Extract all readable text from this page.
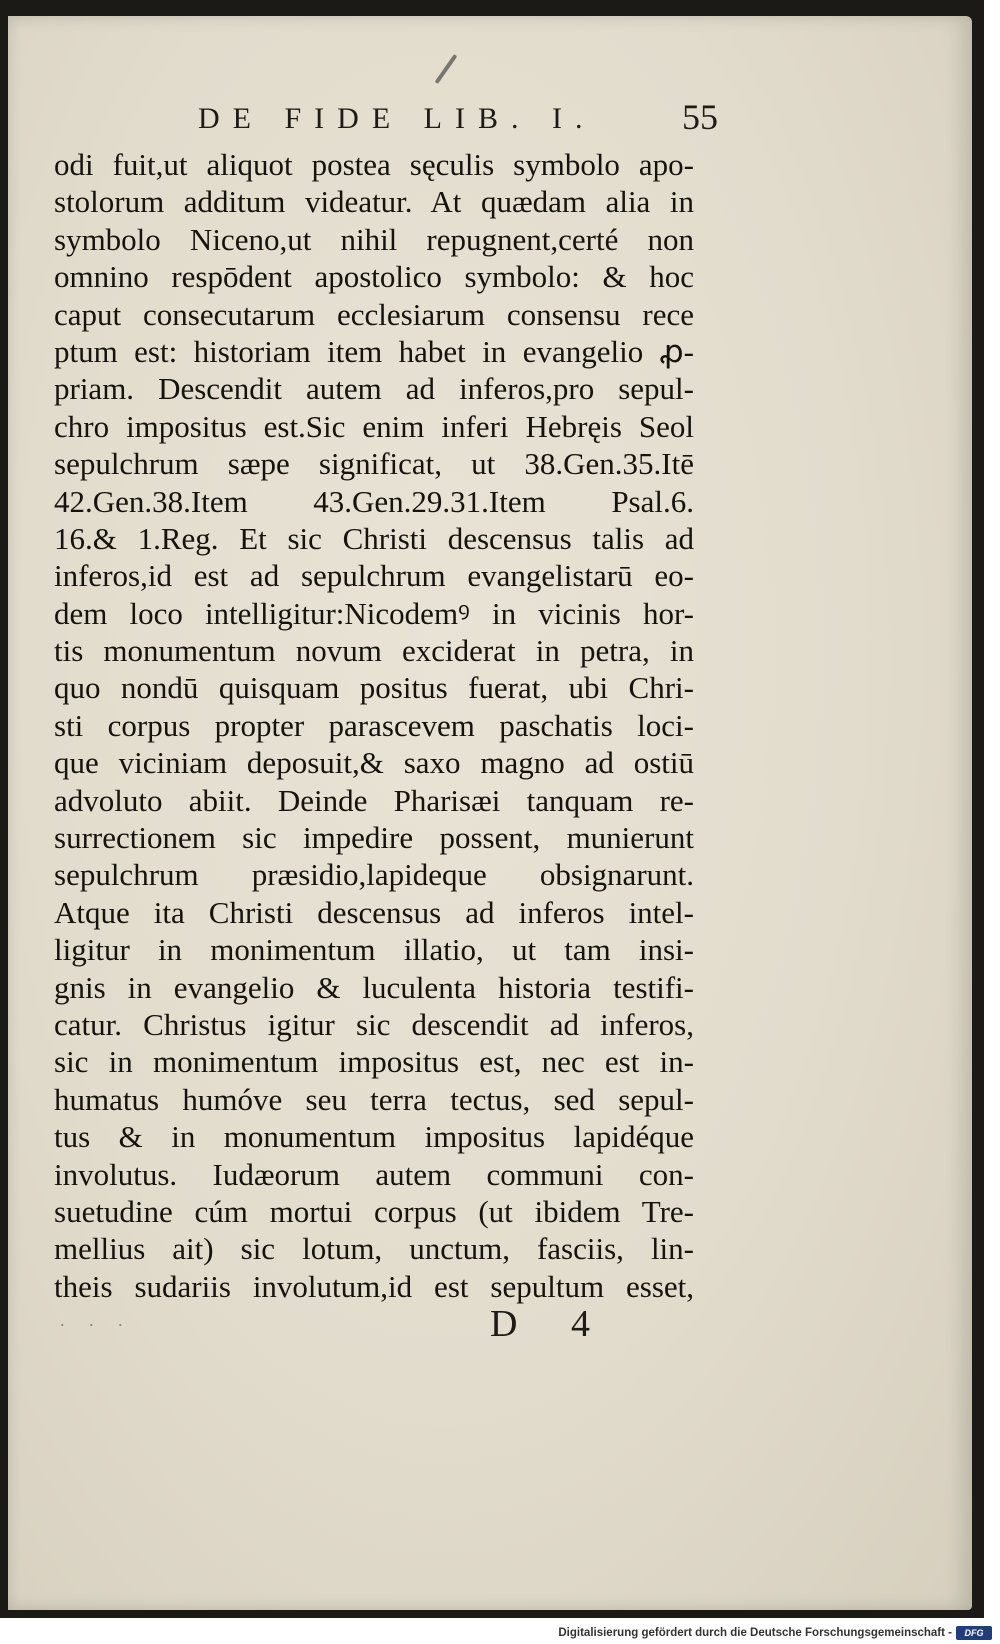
DE FIDE LIB. I. 55
odi fuit,ut aliquot postea sęculis symbolo apo-
stolorum additum videatur. At quædam alia in
symbolo Niceno,ut nihil repugnent,certé non
omnino respōdent apostolico symbolo: & hoc
caput consecutarum ecclesiarum consensu rece
ptum est: historiam item habet in evangelio ꝓ-
priam. Descendit autem ad inferos,pro sepul-
chro impositus est.Sic enim inferi Hebręis Seol
sepulchrum sæpe significat, ut 38.Gen.35.Itē
42.Gen.38.Item 43.Gen.29.31.Item Psal.6.
16.& 1.Reg. Et sic Christi descensus talis ad
inferos,id est ad sepulchrum evangelistarū eo-
dem loco intelligitur:Nicodemꝰ in vicinis hor-
tis monumentum novum exciderat in petra, in
quo nondū quisquam positus fuerat, ubi Chri-
sti corpus propter parascevem paschatis loci-
que viciniam deposuit,& saxo magno ad ostiū
advoluto abiit. Deinde Pharisæi tanquam re-
surrectionem sic impedire possent, munierunt
sepulchrum præsidio,lapideque obsignarunt.
Atque ita Christi descensus ad inferos intel-
ligitur in monimentum illatio, ut tam insi-
gnis in evangelio & luculenta historia testifi-
catur. Christus igitur sic descendit ad inferos,
sic in monimentum impositus est, nec est in-
humatus humóve seu terra tectus, sed sepul-
tus & in monumentum impositus lapidéque
involutus. Iudæorum autem communi con-
suetudine cúm mortui corpus (ut ibidem Tre-
mellius ait) sic lotum, unctum, fasciis, lin-
theis sudariis involutum,id est sepultum esset,
. . .	D 4
Digitalisierung gefördert durch die Deutsche Forschungsgemeinschaft -	DFG
